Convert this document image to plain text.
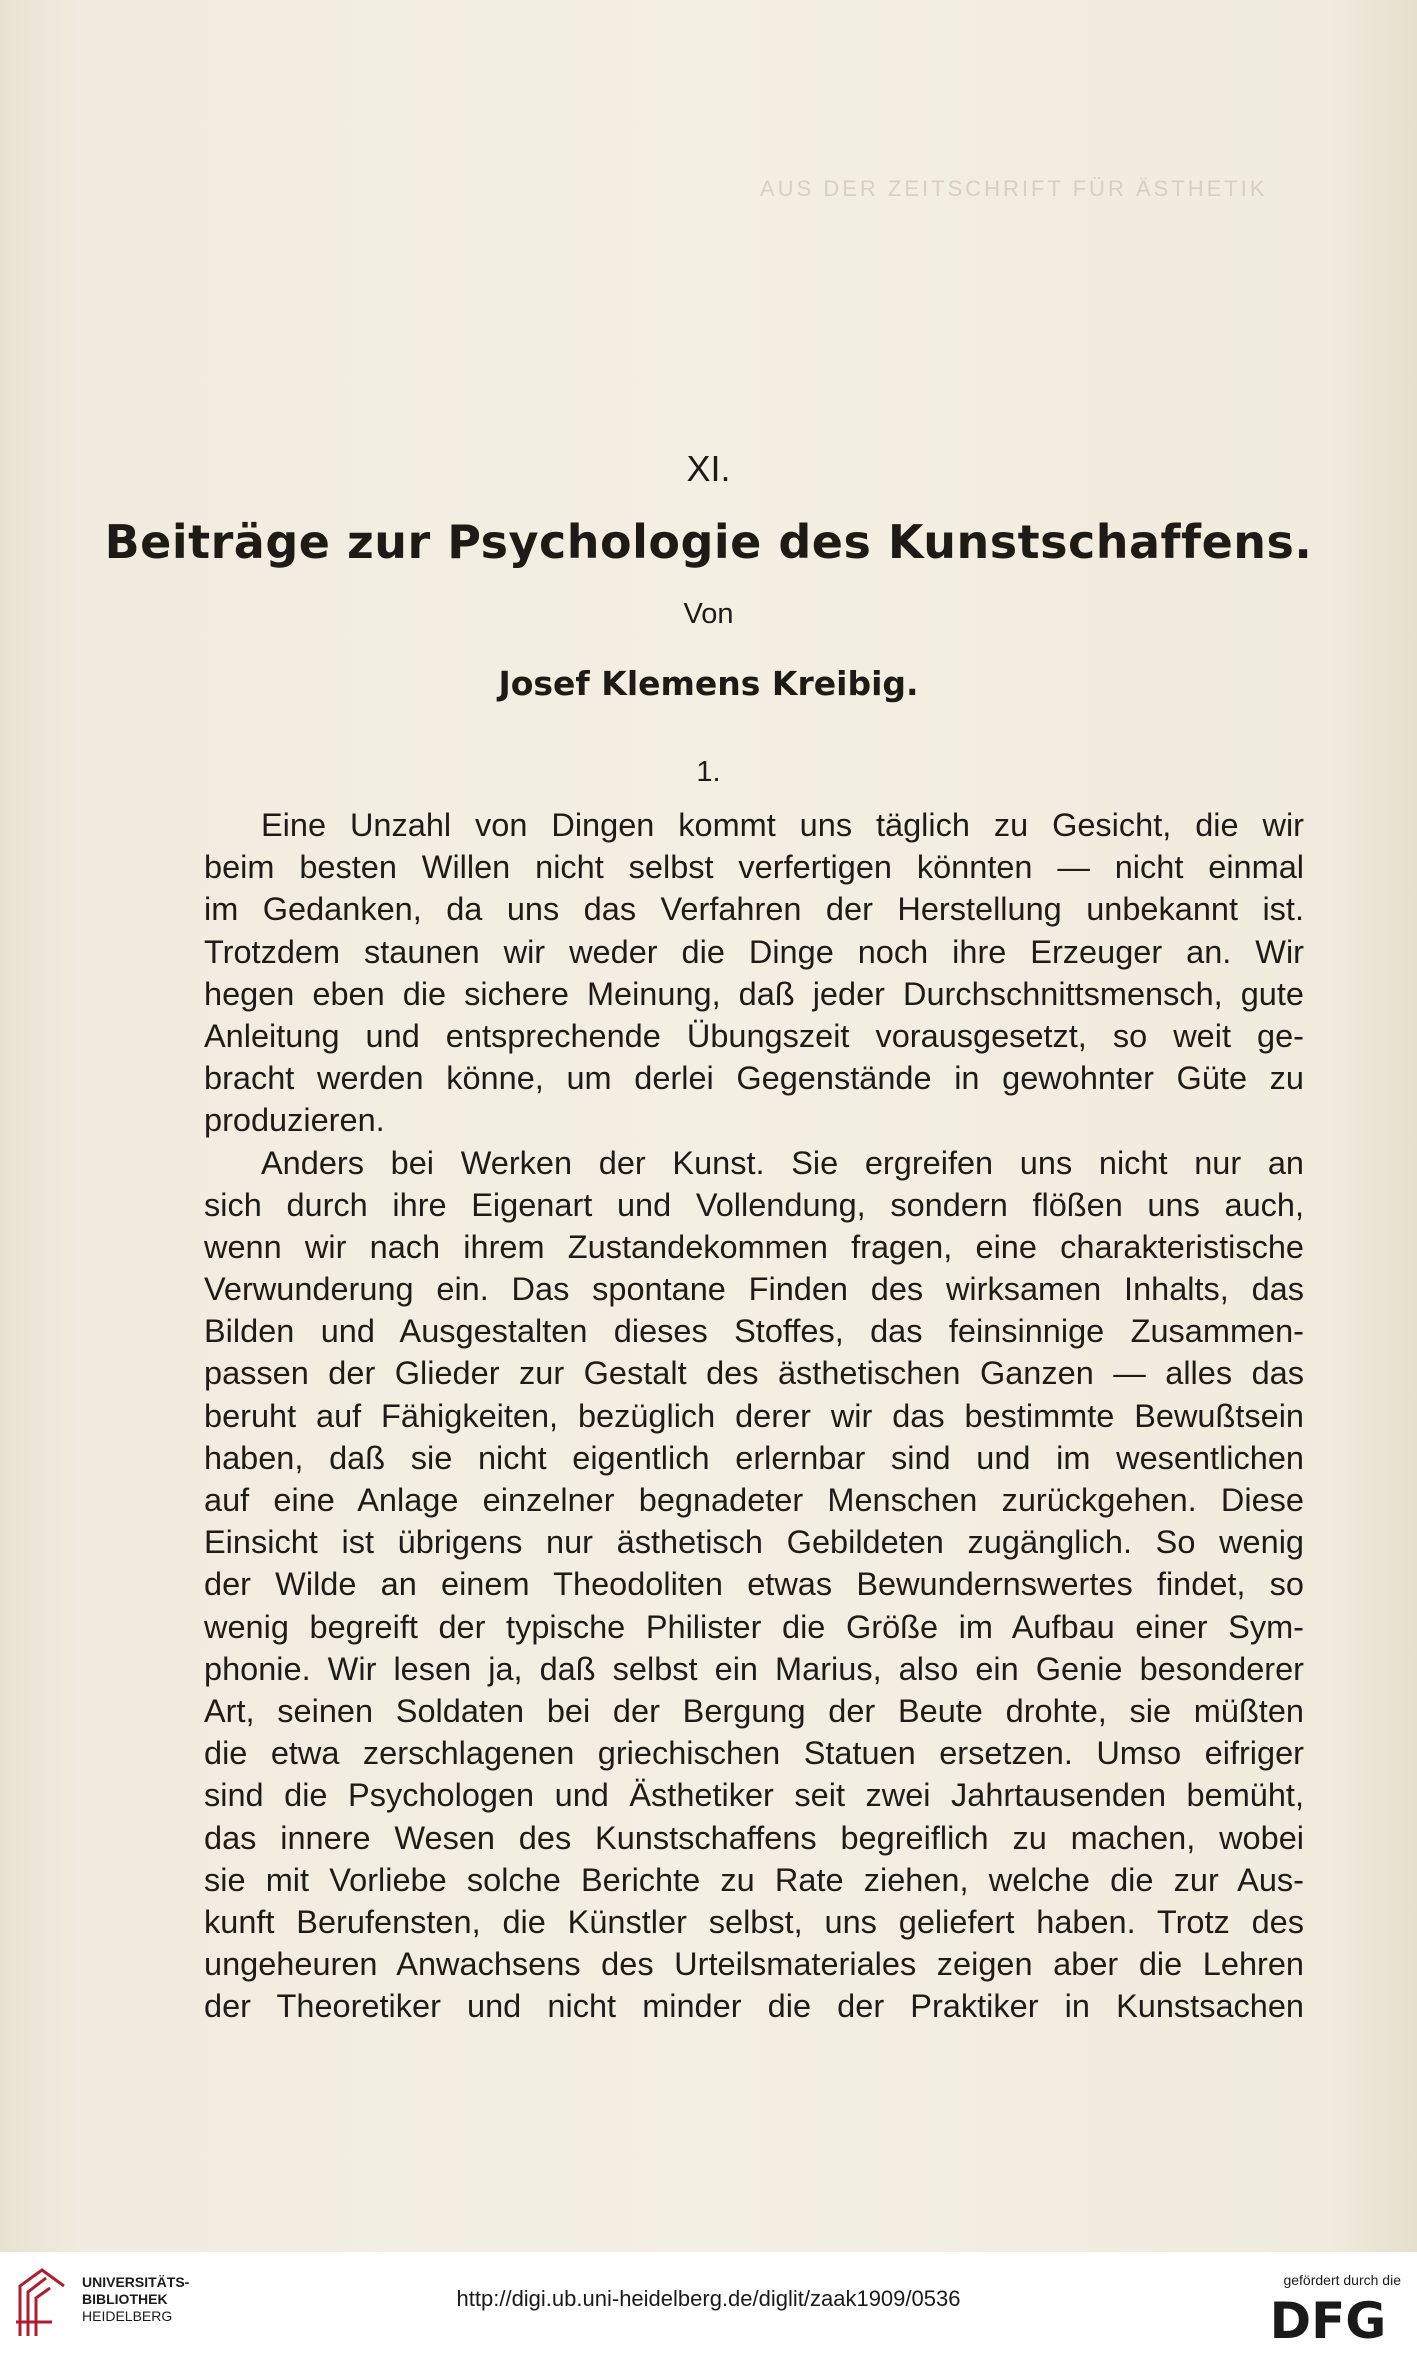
AUS DER ZEITSCHRIFT FÜR ÄSTHETIK
XI.
Beiträge zur Psychologie des Kunstschaffens.
Von
Josef Klemens Kreibig.
1.
Eine Unzahl von Dingen kommt uns täglich zu Gesicht, die wir
beim besten Willen nicht selbst verfertigen könnten — nicht einmal
im Gedanken, da uns das Verfahren der Herstellung unbekannt ist.
Trotzdem staunen wir weder die Dinge noch ihre Erzeuger an. Wir
hegen eben die sichere Meinung, daß jeder Durchschnittsmensch, gute
Anleitung und entsprechende Übungszeit vorausgesetzt, so weit ge-
bracht werden könne, um derlei Gegenstände in gewohnter Güte zu
produzieren.
Anders bei Werken der Kunst. Sie ergreifen uns nicht nur an
sich durch ihre Eigenart und Vollendung, sondern flößen uns auch,
wenn wir nach ihrem Zustandekommen fragen, eine charakteristische
Verwunderung ein. Das spontane Finden des wirksamen Inhalts, das
Bilden und Ausgestalten dieses Stoffes, das feinsinnige Zusammen-
passen der Glieder zur Gestalt des ästhetischen Ganzen — alles das
beruht auf Fähigkeiten, bezüglich derer wir das bestimmte Bewußtsein
haben, daß sie nicht eigentlich erlernbar sind und im wesentlichen
auf eine Anlage einzelner begnadeter Menschen zurückgehen. Diese
Einsicht ist übrigens nur ästhetisch Gebildeten zugänglich. So wenig
der Wilde an einem Theodoliten etwas Bewundernswertes findet, so
wenig begreift der typische Philister die Größe im Aufbau einer Sym-
phonie. Wir lesen ja, daß selbst ein Marius, also ein Genie besonderer
Art, seinen Soldaten bei der Bergung der Beute drohte, sie müßten
die etwa zerschlagenen griechischen Statuen ersetzen. Umso eifriger
sind die Psychologen und Ästhetiker seit zwei Jahrtausenden bemüht,
das innere Wesen des Kunstschaffens begreiflich zu machen, wobei
sie mit Vorliebe solche Berichte zu Rate ziehen, welche die zur Aus-
kunft Berufensten, die Künstler selbst, uns geliefert haben. Trotz des
ungeheuren Anwachsens des Urteilsmateriales zeigen aber die Lehren
der Theoretiker und nicht minder die der Praktiker in Kunstsachen
UNIVERSITÄTS-
BIBLIOTHEK
HEIDELBERG
http://digi.ub.uni-heidelberg.de/diglit/zaak1909/0536
gefördert durch die
DFG
